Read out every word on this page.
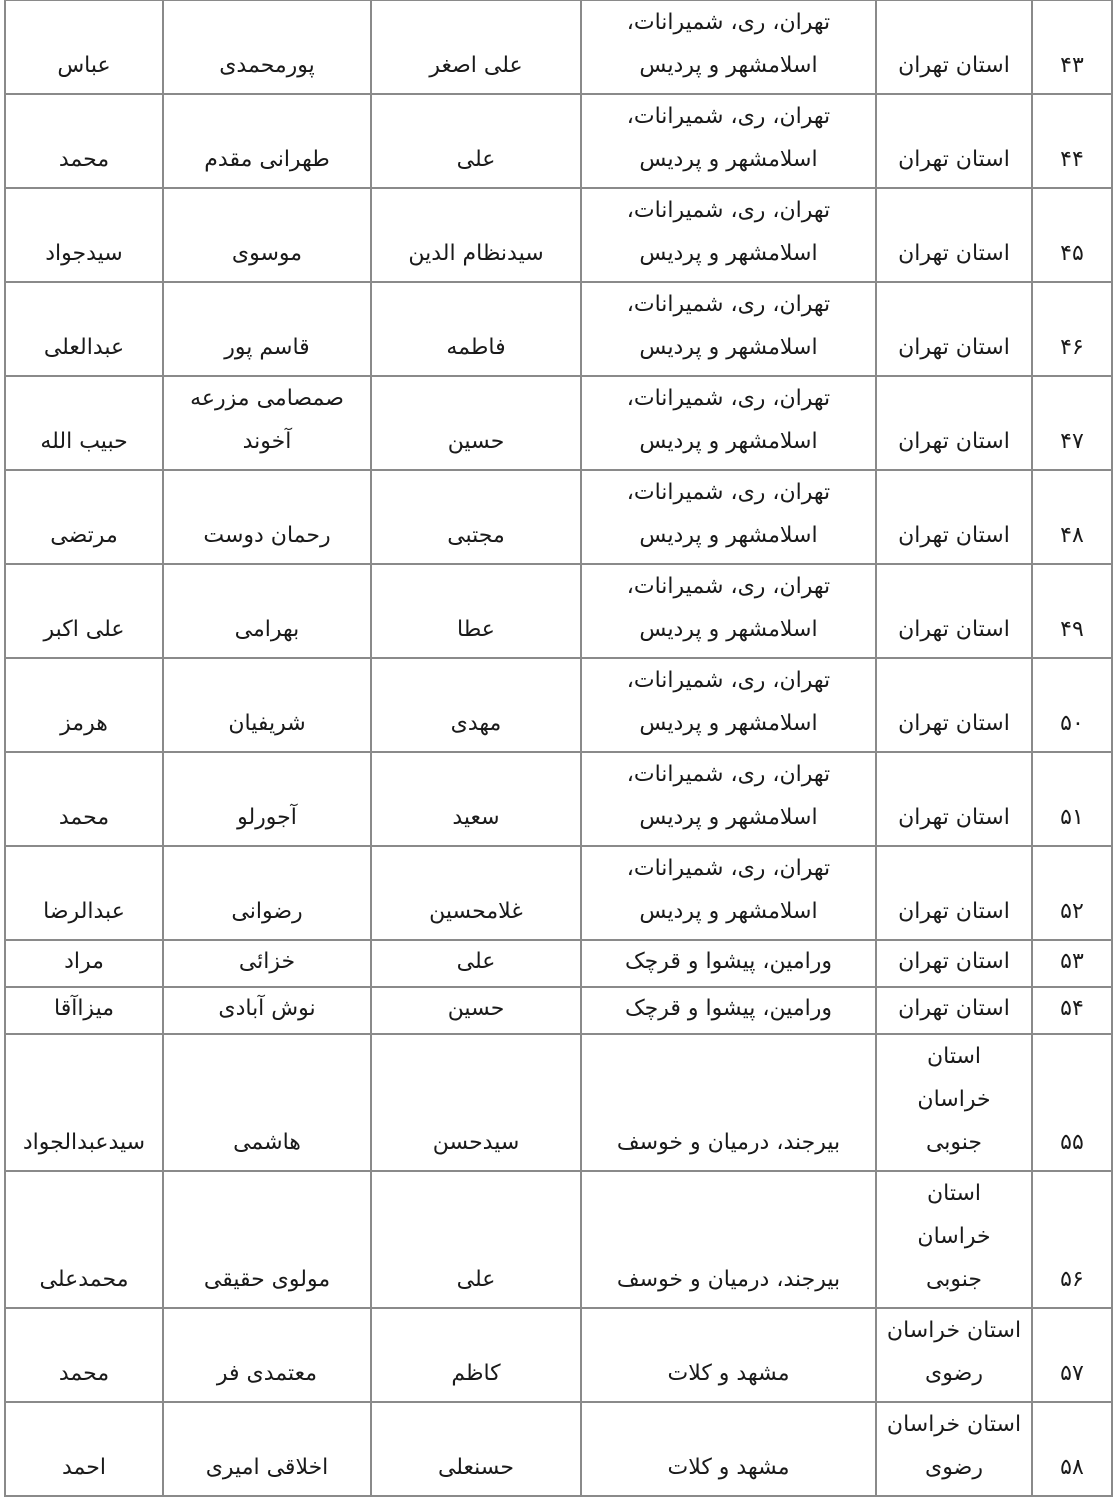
۴۳	استان تهران	تهران، ری، شمیرانات، اسلامشهر و پردیس	علی اصغر	پورمحمدی	عباس
۴۴	استان تهران	تهران، ری، شمیرانات، اسلامشهر و پردیس	علی	طهرانی مقدم	محمد
۴۵	استان تهران	تهران، ری، شمیرانات، اسلامشهر و پردیس	سیدنظام الدین	موسوی	سیدجواد
۴۶	استان تهران	تهران، ری، شمیرانات، اسلامشهر و پردیس	فاطمه	قاسم پور	عبدالعلی
۴۷	استان تهران	تهران، ری، شمیرانات، اسلامشهر و پردیس	حسین	صمصامی مزرعه آخوند	حبیب الله
۴۸	استان تهران	تهران، ری، شمیرانات، اسلامشهر و پردیس	مجتبی	رحمان دوست	مرتضی
۴۹	استان تهران	تهران، ری، شمیرانات، اسلامشهر و پردیس	عطا	بهرامی	علی اکبر
۵۰	استان تهران	تهران، ری، شمیرانات، اسلامشهر و پردیس	مهدی	شریفیان	هرمز
۵۱	استان تهران	تهران، ری، شمیرانات، اسلامشهر و پردیس	سعید	آجورلو	محمد
۵۲	استان تهران	تهران، ری، شمیرانات، اسلامشهر و پردیس	غلامحسین	رضوانی	عبدالرضا
۵۳	استان تهران	ورامین، پیشوا و قرچک	علی	خزائی	مراد
۵۴	استان تهران	ورامین، پیشوا و قرچک	حسین	نوش آبادی	میزاآقا
۵۵	استان خراسان جنوبی	بیرجند، درمیان و خوسف	سیدحسن	هاشمی	سیدعبدالجواد
۵۶	استان خراسان جنوبی	بیرجند، درمیان و خوسف	علی	مولوی حقیقی	محمدعلی
۵۷	استان خراسان رضوی	مشهد و کلات	کاظم	معتمدی فر	محمد
۵۸	استان خراسان رضوی	مشهد و کلات	حسنعلی	اخلاقی امیری	احمد
